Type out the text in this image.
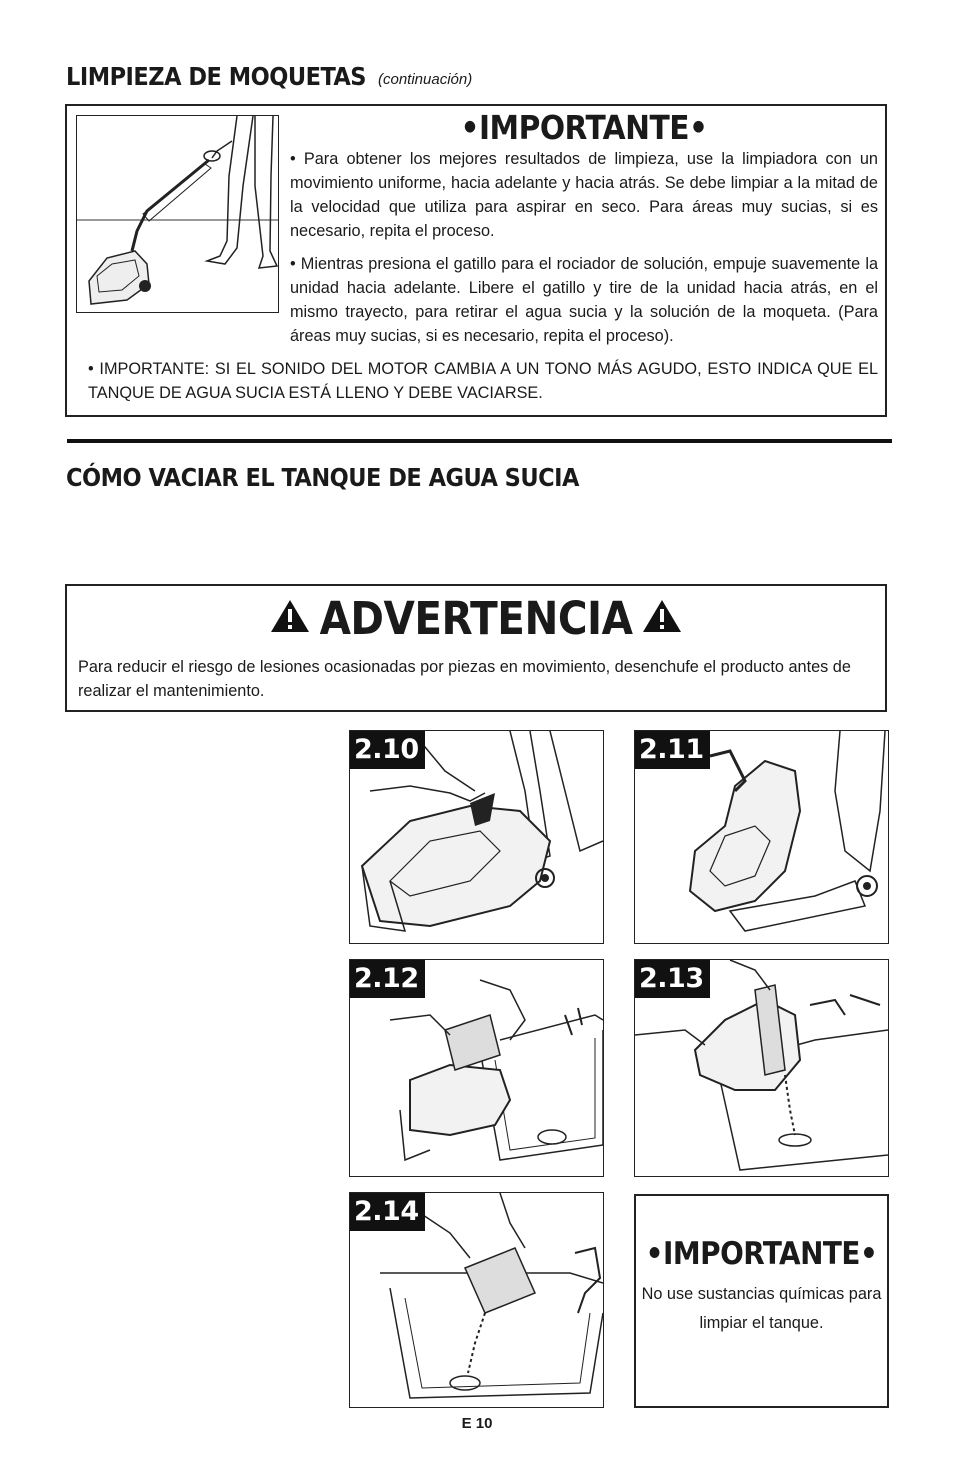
LIMPIEZA DE MOQUETAS (continuación)
•IMPORTANTE•
• Para obtener los mejores resultados de limpieza, use la limpiadora con un movimiento uniforme, hacia adelante y hacia atrás. Se debe limpiar a la mitad de la velocidad que utiliza para aspirar en seco. Para áreas muy sucias, si es necesario, repita el proceso.
• Mientras presiona el gatillo para el rociador de solución, empuje suavemente la unidad hacia adelante. Libere el gatillo y tire de la unidad hacia atrás, en el mismo trayecto, para retirar el agua sucia y la solución de la moqueta. (Para áreas muy sucias, si es necesario, repita el proceso).
• IMPORTANTE: SI EL SONIDO DEL MOTOR CAMBIA A UN TONO MÁS AGUDO, ESTO INDICA QUE EL TANQUE DE AGUA SUCIA ESTÁ LLENO Y DEBE VACIARSE.
CÓMO VACIAR EL TANQUE DE AGUA SUCIA
ADVERTENCIA
Para reducir el riesgo de lesiones ocasionadas por piezas en movimiento, desenchufe el producto antes de realizar el mantenimiento.
2.10	2.11
2.12	2.13
2.14
•IMPORTANTE•
No use sustancias químicas para limpiar el tanque.
E 10
